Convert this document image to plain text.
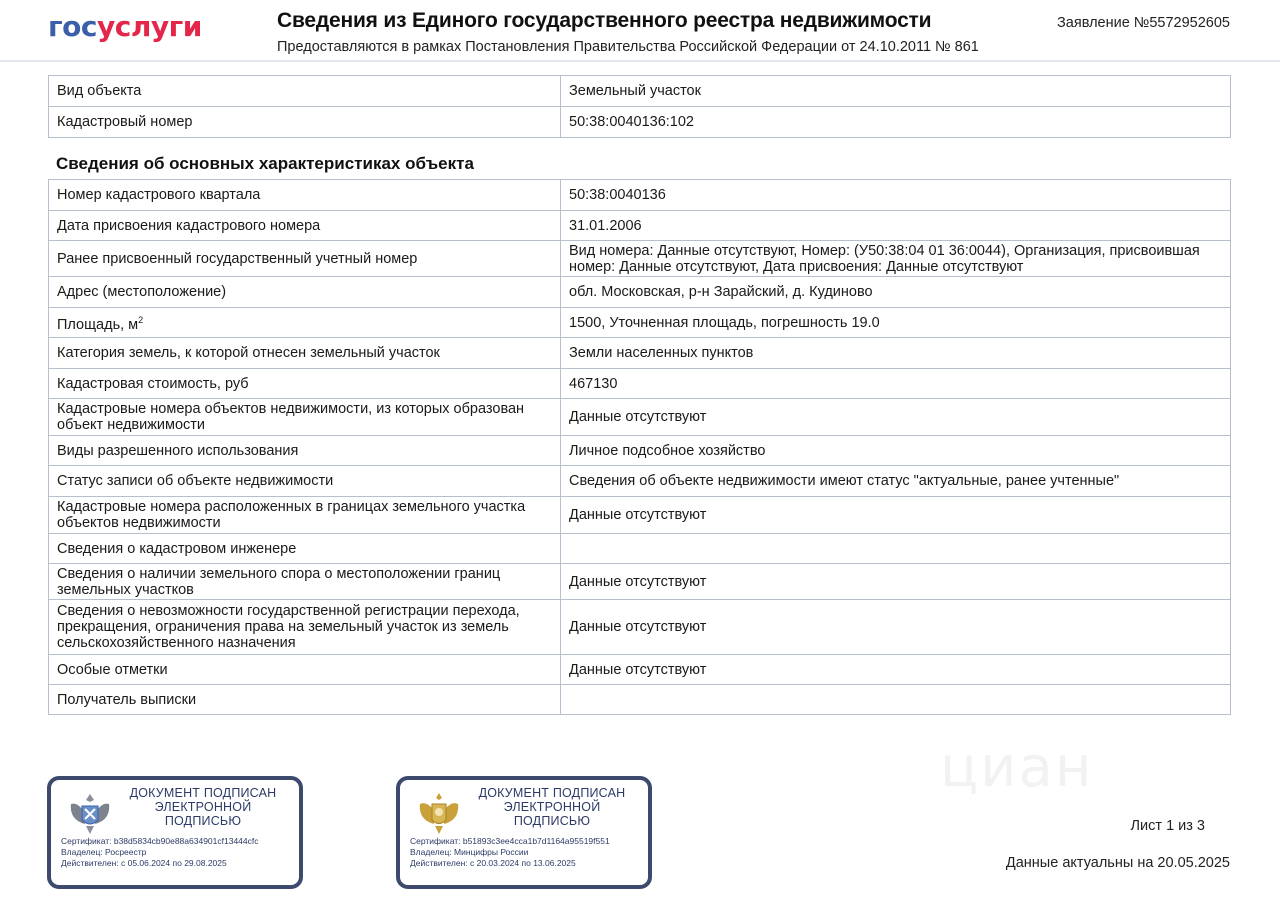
госуслуги	Сведения из Единого государственного реестра недвижимости
Предоставляются в рамках Постановления Правительства Российской Федерации от 24.10.2011 № 861
Заявление №5572952605
Вид объекта	Земельный участок
Кадастровый номер	50:38:0040136:102
Сведения об основных характеристиках объекта
Номер кадастрового квартала	50:38:0040136
Дата присвоения кадастрового номера	31.01.2006
Ранее присвоенный государственный учетный номер	Вид номера: Данные отсутствуют, Номер: (У50:38:04 01 36:0044), Организация, присвоившая номер: Данные отсутствуют, Дата присвоения: Данные отсутствуют
Адрес (местоположение)	обл. Московская, р-н Зарайский, д. Кудиново
Площадь, $м^2$	1500, Уточненная площадь, погрешность 19.0
Категория земель, к которой отнесен земельный участок	Земли населенных пунктов
Кадастровая стоимость, руб	467130
Кадастровые номера объектов недвижимости, из которых образован объект недвижимости	Данные отсутствуют
Виды разрешенного использования	Личное подсобное хозяйство
Статус записи об объекте недвижимости	Сведения об объекте недвижимости имеют статус "актуальные, ранее учтенные"
Кадастровые номера расположенных в границах земельного участка объектов недвижимости	Данные отсутствуют
Сведения о кадастровом инженере	
Сведения о наличии земельного спора о местоположении границ земельных участков	Данные отсутствуют
Сведения о невозможности государственной регистрации перехода, прекращения, ограничения права на земельный участок из земель сельскохозяйственного назначения	Данные отсутствуют
Особые отметки	Данные отсутствуют
Получатель выписки	
циан
ДОКУМЕНТ ПОДПИСАН
ЭЛЕКТРОННОЙ
ПОДПИСЬЮ
Сертификат: b38d5834cb90e88a634901cf13444cfc
Владелец: Росреестр
Действителен: с 05.06.2024 по 29.08.2025
ДОКУМЕНТ ПОДПИСАН
ЭЛЕКТРОННОЙ
ПОДПИСЬЮ
Сертификат: b51893c3ee4cca1b7d1164a95519f551
Владелец: Минцифры России
Действителен: с 20.03.2024 по 13.06.2025
Лист 1 из 3
Данные актуальны на 20.05.2025
